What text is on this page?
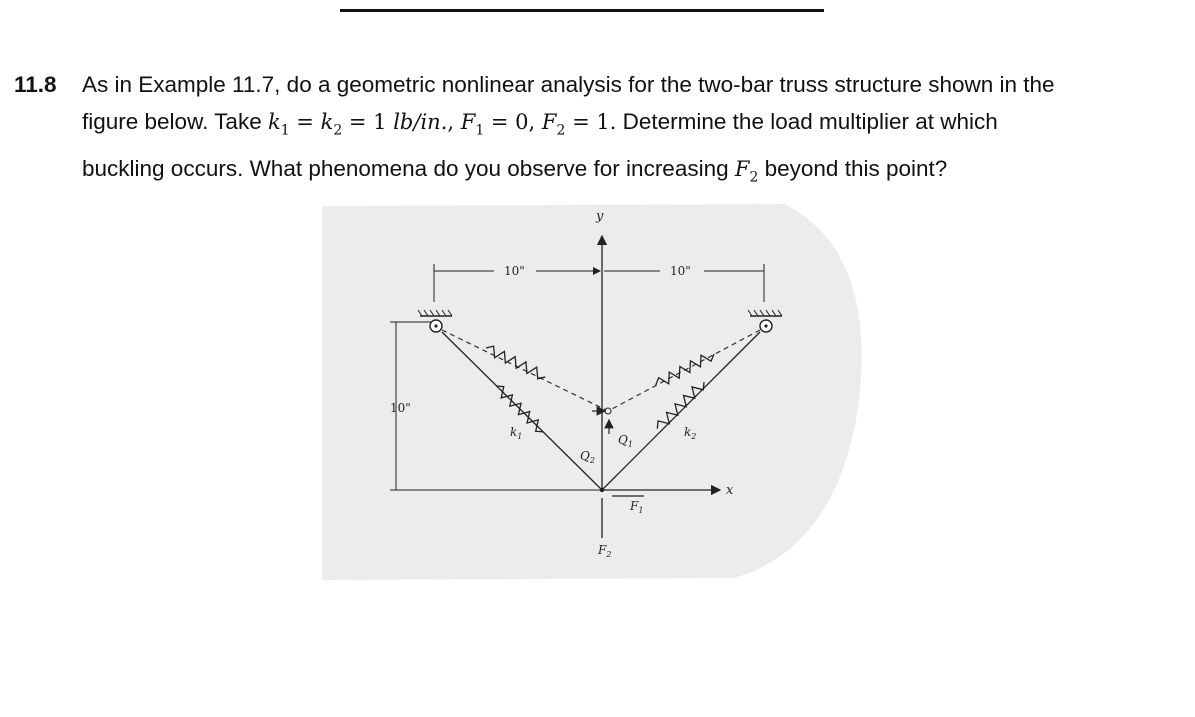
11.8 As in Example 11.7, do a geometric nonlinear analysis for the two-bar truss structure shown in the
figure below. Take $k_1 = k_2 = 1$ lb/in., $F_1 = 0$, $F_2 = 1$. Determine the load multiplier at which
buckling occurs. What phenomena do you observe for increasing $F_2$ beyond this point?
y
x
10"	10"
10"
$k_1$	$k_2$
$Q_1$
$Q_2$
$F_1$
$F_2$
